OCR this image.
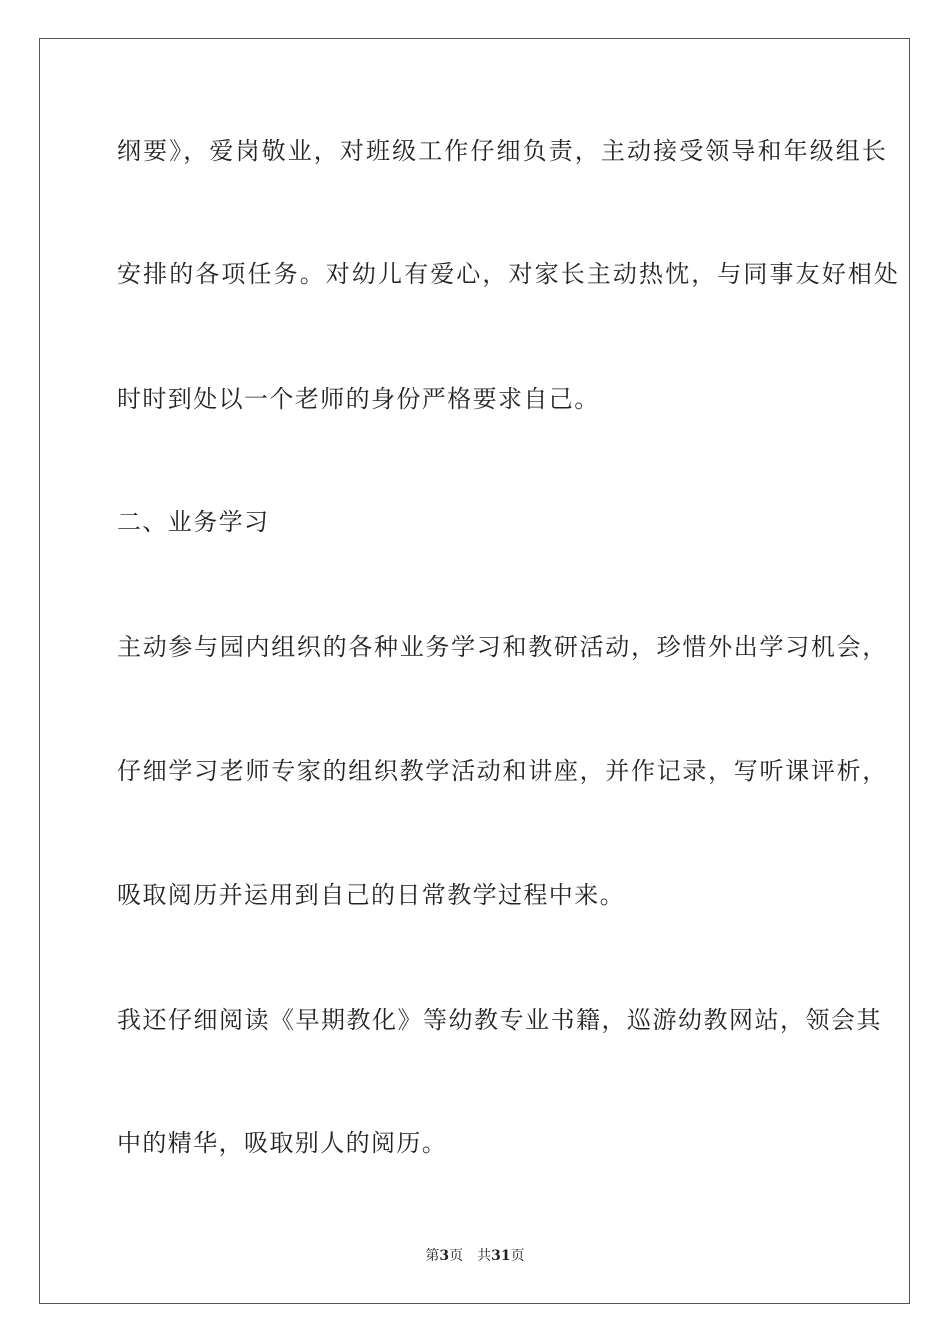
纲要》，爱岗敬业，对班级工作仔细负责，主动接受领导和年级组长

安排的各项任务。对幼儿有爱心，对家长主动热忱，与同事友好相处

时时到处以一个老师的身份严格要求自己。

二、业务学习

主动参与园内组织的各种业务学习和教研活动，珍惜外出学习机会，

仔细学习老师专家的组织教学活动和讲座，并作记录，写听课评析，

吸取阅历并运用到自己的日常教学过程中来。

我还仔细阅读《早期教化》等幼教专业书籍，巡游幼教网站，领会其

中的精华，吸取别人的阅历。

第3页 共31页
